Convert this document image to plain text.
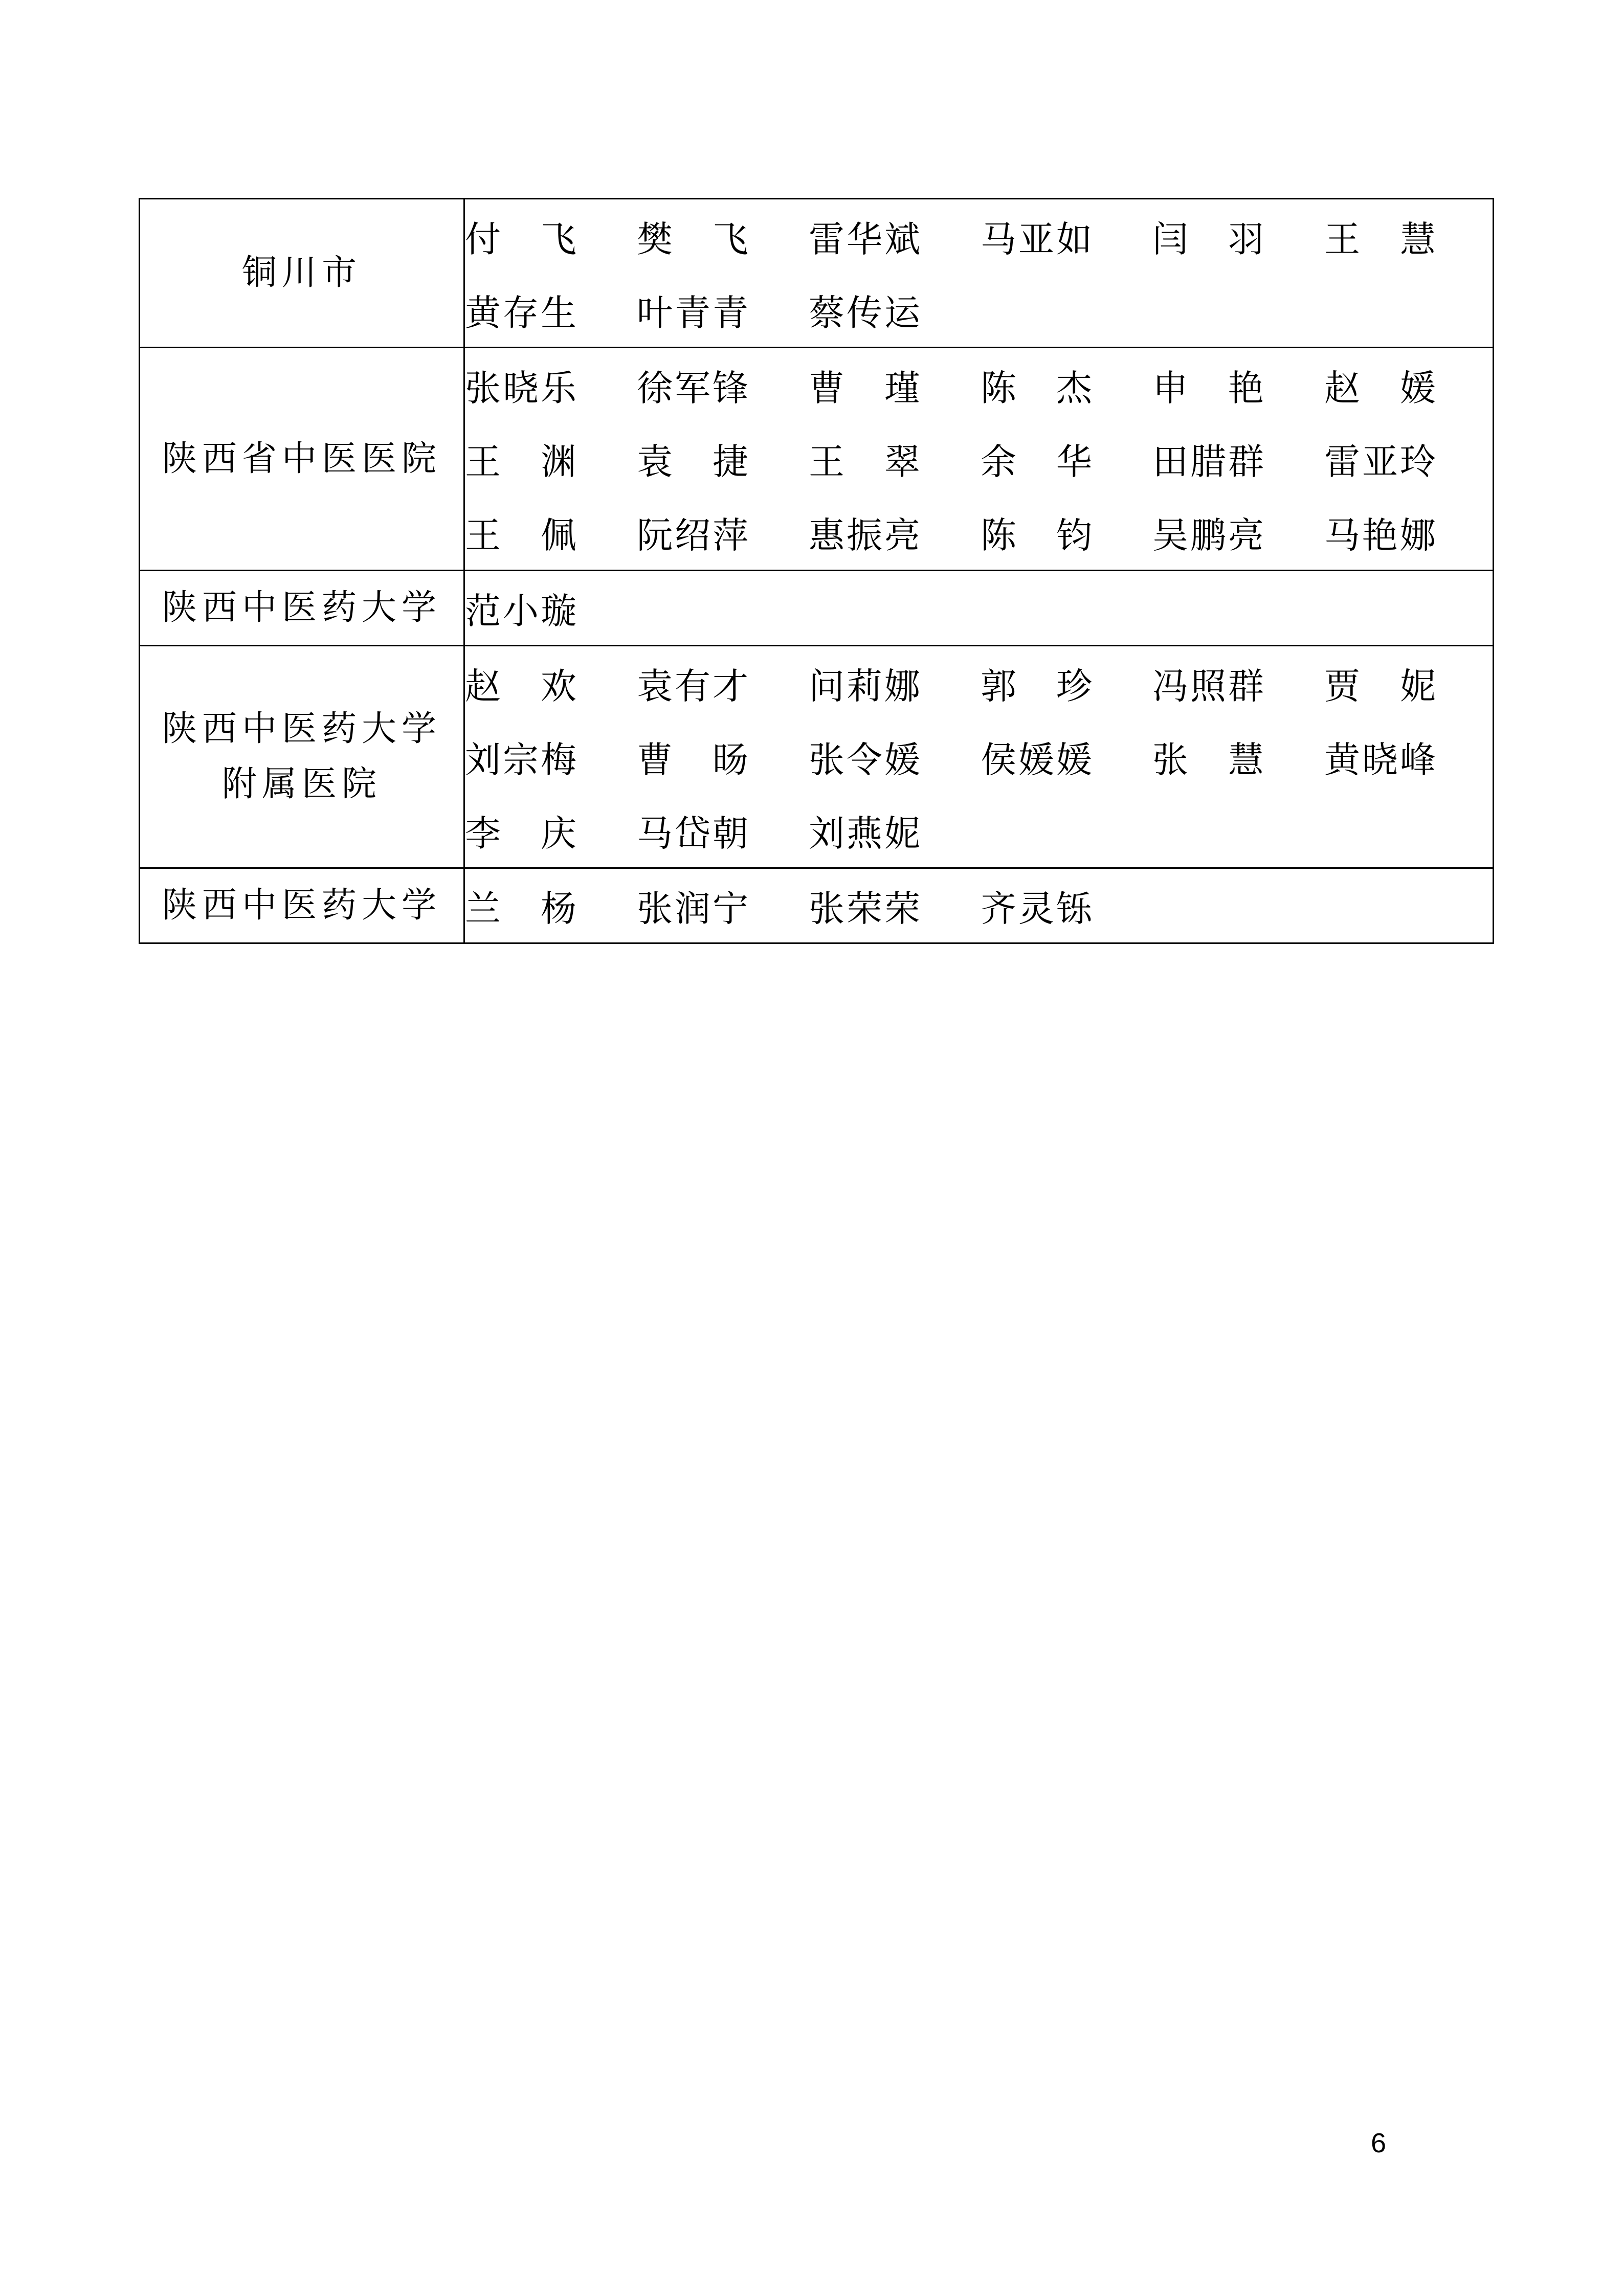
铜川市

付　飞	樊　飞	雷华斌	马亚如	闫　羽	王　慧
黄存生	叶青青	蔡传运

陕西省中医医院

张晓乐	徐军锋	曹　瑾	陈　杰	申　艳	赵　媛
王　渊	袁　捷	王　翠	余　华	田腊群	雷亚玲
王　佩	阮绍萍	惠振亮	陈　钧	吴鹏亮	马艳娜

陕西中医药大学	范小璇

陕西中医药大学
附属医院

赵　欢	袁有才	问莉娜	郭　珍	冯照群	贾　妮
刘宗梅	曹　旸	张令媛	侯媛媛	张　慧	黄晓峰
李　庆	马岱朝	刘燕妮

陕西中医药大学	兰　杨 张润宁 张荣荣 齐灵铄
6
